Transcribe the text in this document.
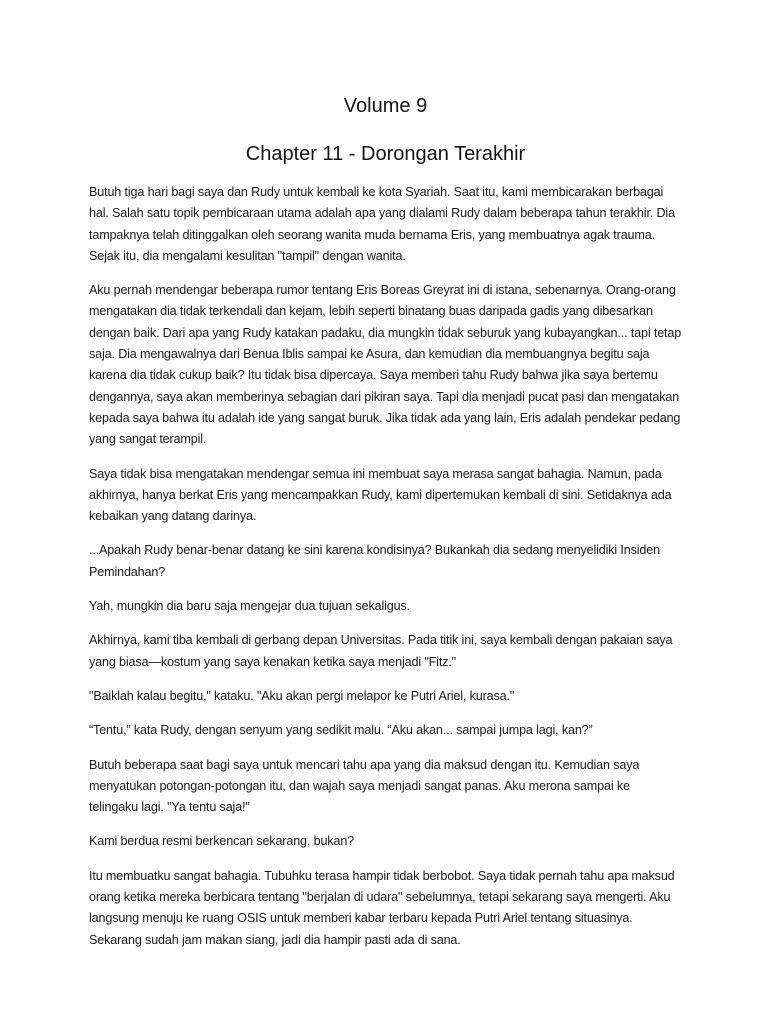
Volume 9
Chapter 11 - Dorongan Terakhir

Butuh tiga hari bagi saya dan Rudy untuk kembali ke kota Syariah. Saat itu, kami membicarakan berbagai hal. Salah satu topik pembicaraan utama adalah apa yang dialami Rudy dalam beberapa tahun terakhir. Dia tampaknya telah ditinggalkan oleh seorang wanita muda bernama Eris, yang membuatnya agak trauma. Sejak itu, dia mengalami kesulitan "tampil" dengan wanita.

Aku pernah mendengar beberapa rumor tentang Eris Boreas Greyrat ini di istana, sebenarnya. Orang-orang mengatakan dia tidak terkendali dan kejam, lebih seperti binatang buas daripada gadis yang dibesarkan dengan baik. Dari apa yang Rudy katakan padaku, dia mungkin tidak seburuk yang kubayangkan... tapi tetap saja. Dia mengawalnya dari Benua Iblis sampai ke Asura, dan kemudian dia membuangnya begitu saja karena dia tidak cukup baik? Itu tidak bisa dipercaya. Saya memberi tahu Rudy bahwa jika saya bertemu dengannya, saya akan memberinya sebagian dari pikiran saya. Tapi dia menjadi pucat pasi dan mengatakan kepada saya bahwa itu adalah ide yang sangat buruk. Jika tidak ada yang lain, Eris adalah pendekar pedang yang sangat terampil.

Saya tidak bisa mengatakan mendengar semua ini membuat saya merasa sangat bahagia. Namun, pada akhirnya, hanya berkat Eris yang mencampakkan Rudy, kami dipertemukan kembali di sini. Setidaknya ada kebaikan yang datang darinya.

...Apakah Rudy benar-benar datang ke sini karena kondisinya? Bukankah dia sedang menyelidiki Insiden Pemindahan?

Yah, mungkin dia baru saja mengejar dua tujuan sekaligus.

Akhirnya, kami tiba kembali di gerbang depan Universitas. Pada titik ini, saya kembali dengan pakaian saya yang biasa—kostum yang saya kenakan ketika saya menjadi "Fitz."

"Baiklah kalau begitu," kataku. "Aku akan pergi melapor ke Putri Ariel, kurasa."

“Tentu,” kata Rudy, dengan senyum yang sedikit malu. “Aku akan... sampai jumpa lagi, kan?”

Butuh beberapa saat bagi saya untuk mencari tahu apa yang dia maksud dengan itu. Kemudian saya menyatukan potongan-potongan itu, dan wajah saya menjadi sangat panas. Aku merona sampai ke telingaku lagi. "Ya tentu saja!"

Kami berdua resmi berkencan sekarang, bukan?

Itu membuatku sangat bahagia. Tubuhku terasa hampir tidak berbobot. Saya tidak pernah tahu apa maksud orang ketika mereka berbicara tentang "berjalan di udara" sebelumnya, tetapi sekarang saya mengerti. Aku langsung menuju ke ruang OSIS untuk memberi kabar terbaru kepada Putri Ariel tentang situasinya. Sekarang sudah jam makan siang, jadi dia hampir pasti ada di sana.
